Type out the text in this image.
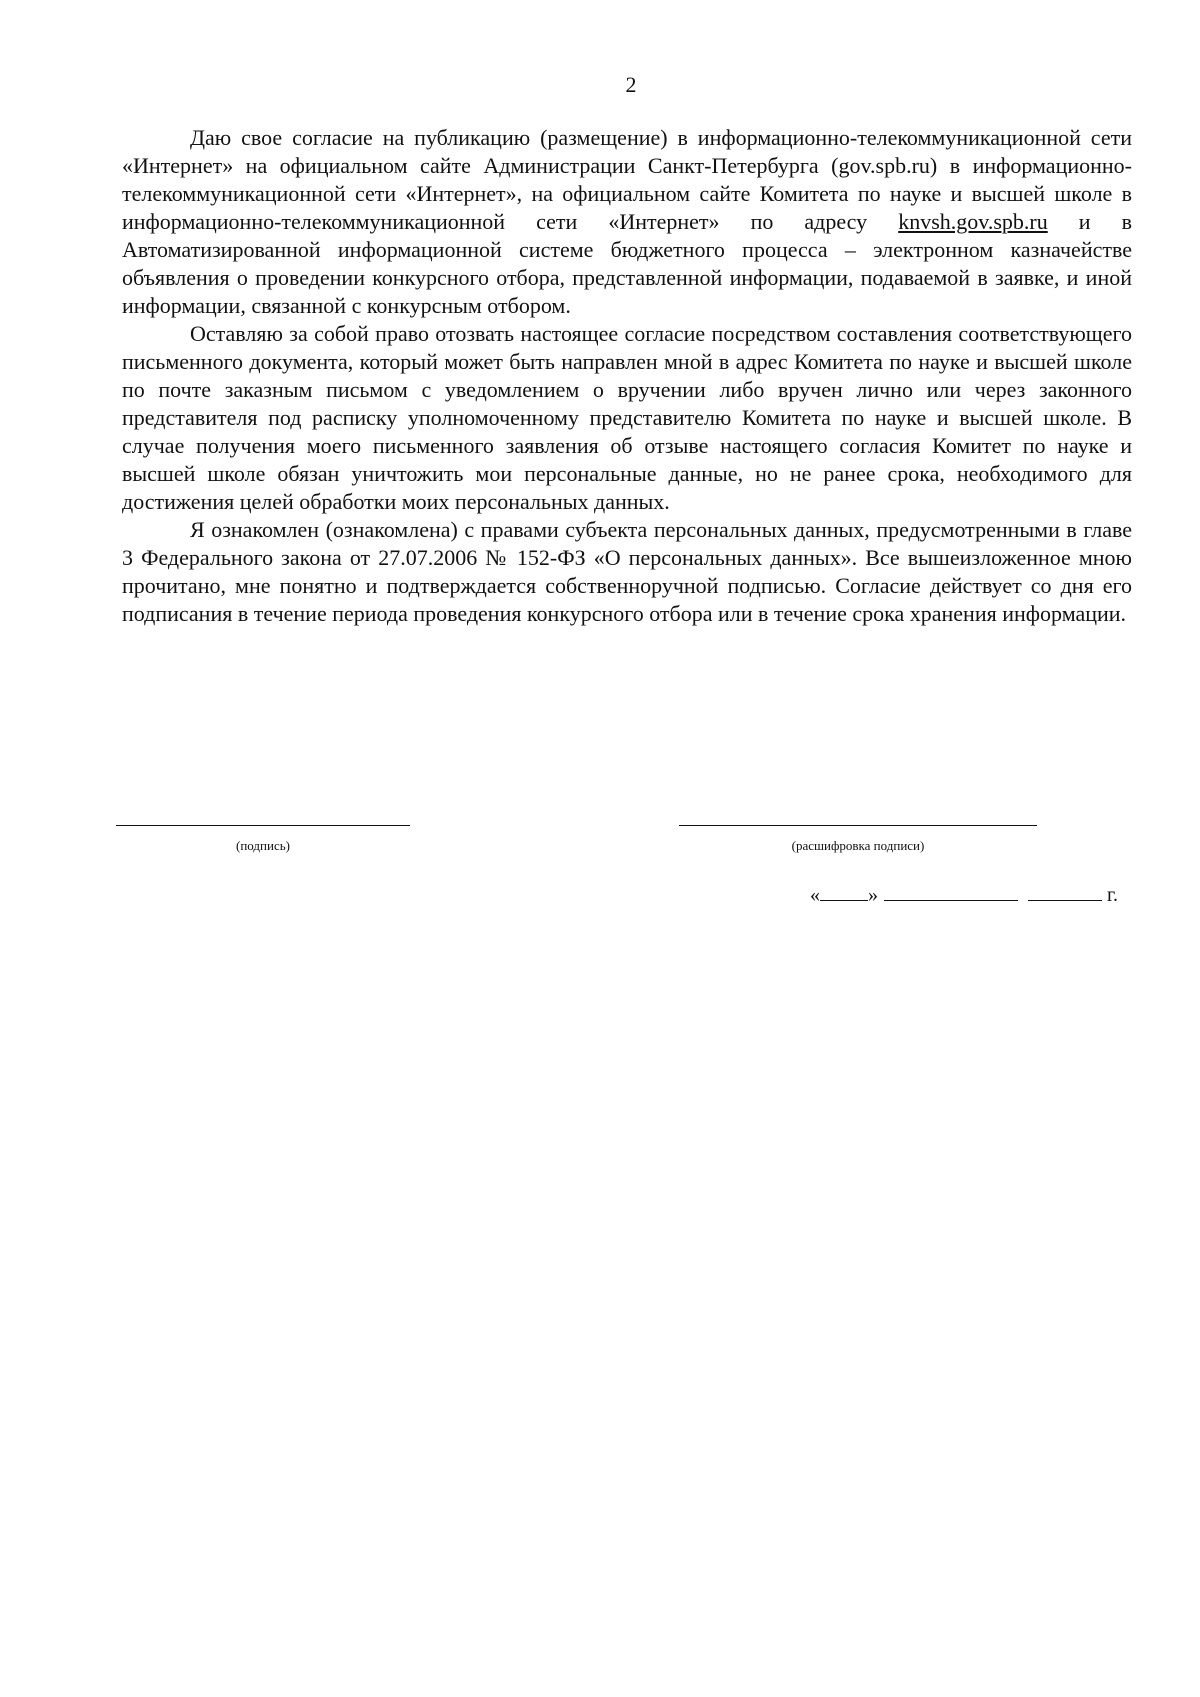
2

Даю свое согласие на публикацию (размещение) в информационно-телекоммуникационной сети «Интернет» на официальном сайте Администрации Санкт-Петербурга (gov.spb.ru) в информационно-телекоммуникационной сети «Интернет», на официальном сайте Комитета по науке и высшей школе в информационно-телекоммуникационной сети «Интернет» по адресу knvsh.gov.spb.ru и в Автоматизированной информационной системе бюджетного процесса – электронном казначействе объявления о проведении конкурсного отбора, представленной информации, подаваемой в заявке, и иной информации, связанной с конкурсным отбором.

Оставляю за собой право отозвать настоящее согласие посредством составления соответствующего письменного документа, который может быть направлен мной в адрес Комитета по науке и высшей школе по почте заказным письмом с уведомлением о вручении либо вручен лично или через законного представителя под расписку уполномоченному представителю Комитета по науке и высшей школе. В случае получения моего письменного заявления об отзыве настоящего согласия Комитет по науке и высшей школе обязан уничтожить мои персональные данные, но не ранее срока, необходимого для достижения целей обработки моих персональных данных.

Я ознакомлен (ознакомлена) с правами субъекта персональных данных, предусмотренными в главе 3 Федерального закона от 27.07.2006 № 152-ФЗ «О персональных данных». Все вышеизложенное мною прочитано, мне понятно и подтверждается собственноручной подписью. Согласие действует со дня его подписания в течение периода проведения конкурсного отбора или в течение срока хранения информации.

(подпись)	(расшифровка подписи)
« »	г.
